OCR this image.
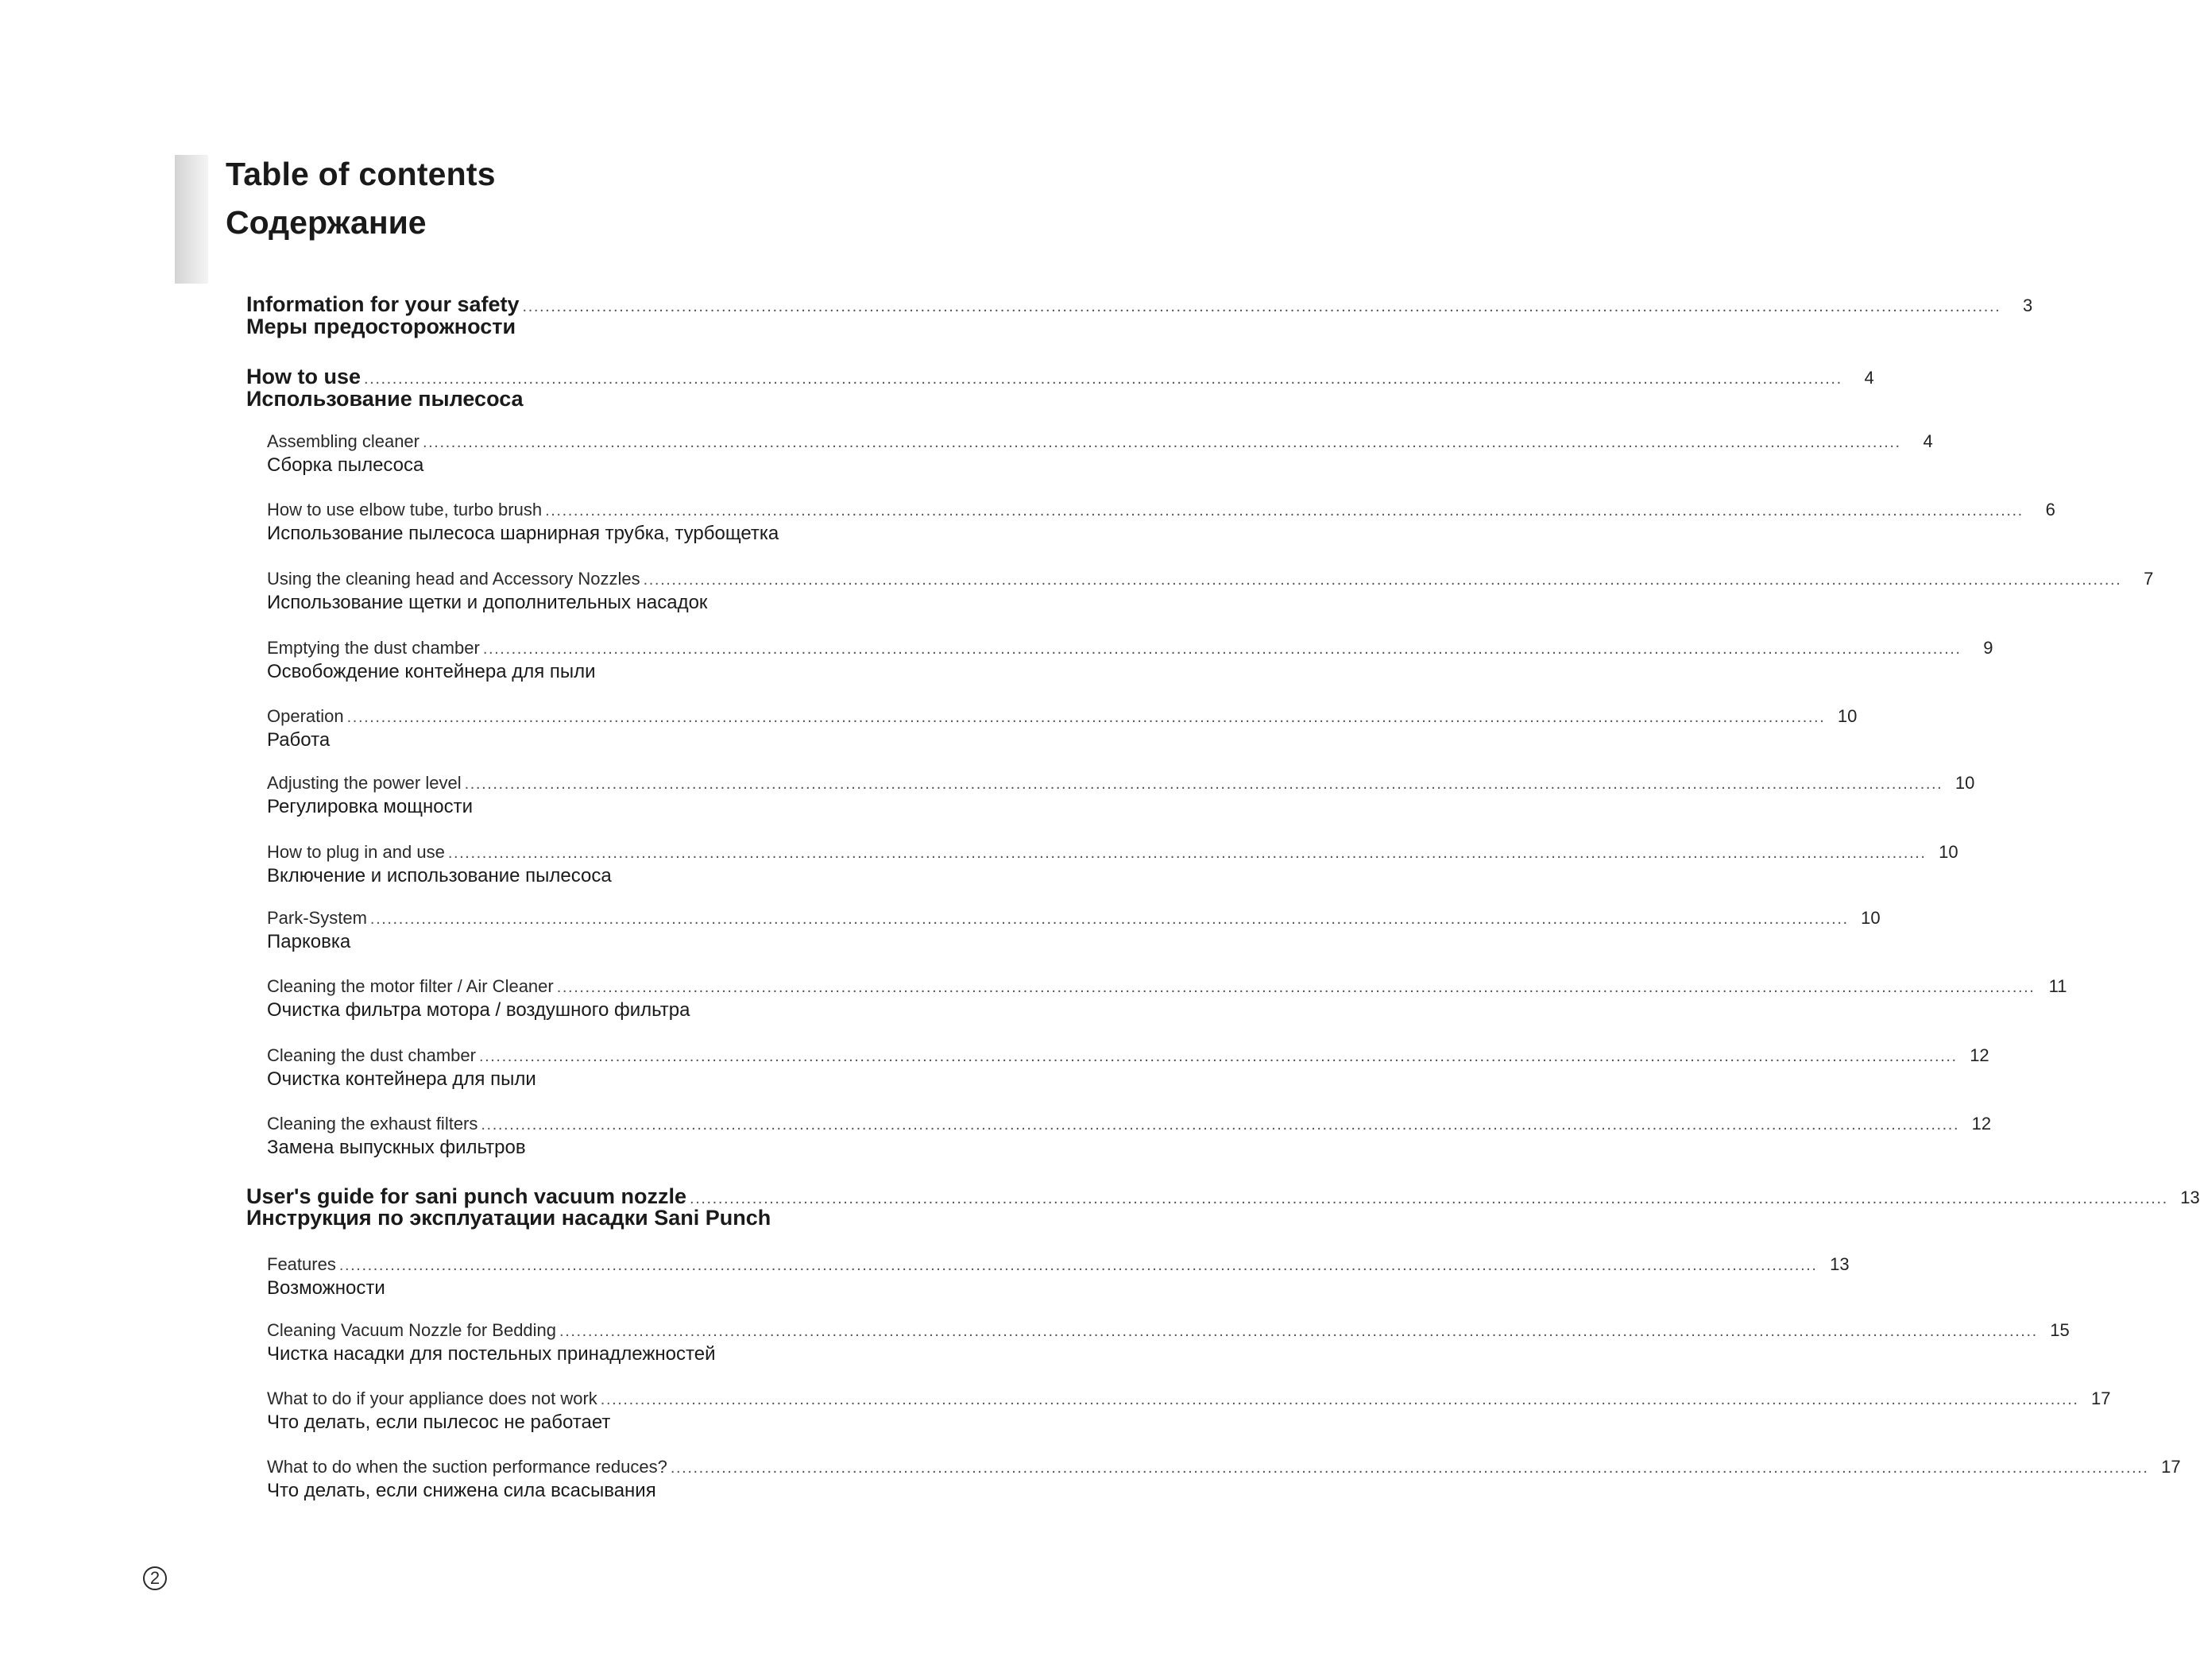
Table of contents
Содержание
Information for your safety ....................................................................................................................................................................................................................................................................	3
Меры предосторожности
How to use ....................................................................................................................................................................................................................................................................	4
Использование пылесоса
Assembling cleaner ....................................................................................................................................................................................................................................................................	4
Сборка пылесоса
How to use elbow tube, turbo brush ....................................................................................................................................................................................................................................................................	6
Использование пылесоса шарнирная трубка, турбощетка
Using the cleaning head and Accessory Nozzles ....................................................................................................................................................................................................................................................................	7
Использование щетки и дополнительных насадок
Emptying the dust chamber ....................................................................................................................................................................................................................................................................	9
Освобождение контейнера для пыли
Operation .................................................................................................................................................................................................................................................................... 10
Работа
Adjusting the power level .................................................................................................................................................................................................................................................................... 10
Регулировка мощности
How to plug in and use .................................................................................................................................................................................................................................................................... 10
Включение и использование пылесоса
Park-System .................................................................................................................................................................................................................................................................... 10
Парковка
Cleaning the motor filter / Air Cleaner .................................................................................................................................................................................................................................................................... 11
Очистка фильтра мотора / воздушного фильтра
Cleaning the dust chamber .................................................................................................................................................................................................................................................................... 12
Очистка контейнера для пыли
Cleaning the exhaust filters .................................................................................................................................................................................................................................................................... 12
Замена выпускных фильтров
User's guide for sani punch vacuum nozzle .................................................................................................................................................................................................................................................................... 13
Инструкция по эксплуатации насадки Sani Punch
Features .................................................................................................................................................................................................................................................................... 13
Возможности
Cleaning Vacuum Nozzle for Bedding .................................................................................................................................................................................................................................................................... 15
Чистка насадки для постельных принадлежностей
What to do if your appliance does not work .................................................................................................................................................................................................................................................................... 17
Что делать, если пылесос не работает
What to do when the suction performance reduces? .................................................................................................................................................................................................................................................................... 17
Что делать, если снижена сила всасывания
2
